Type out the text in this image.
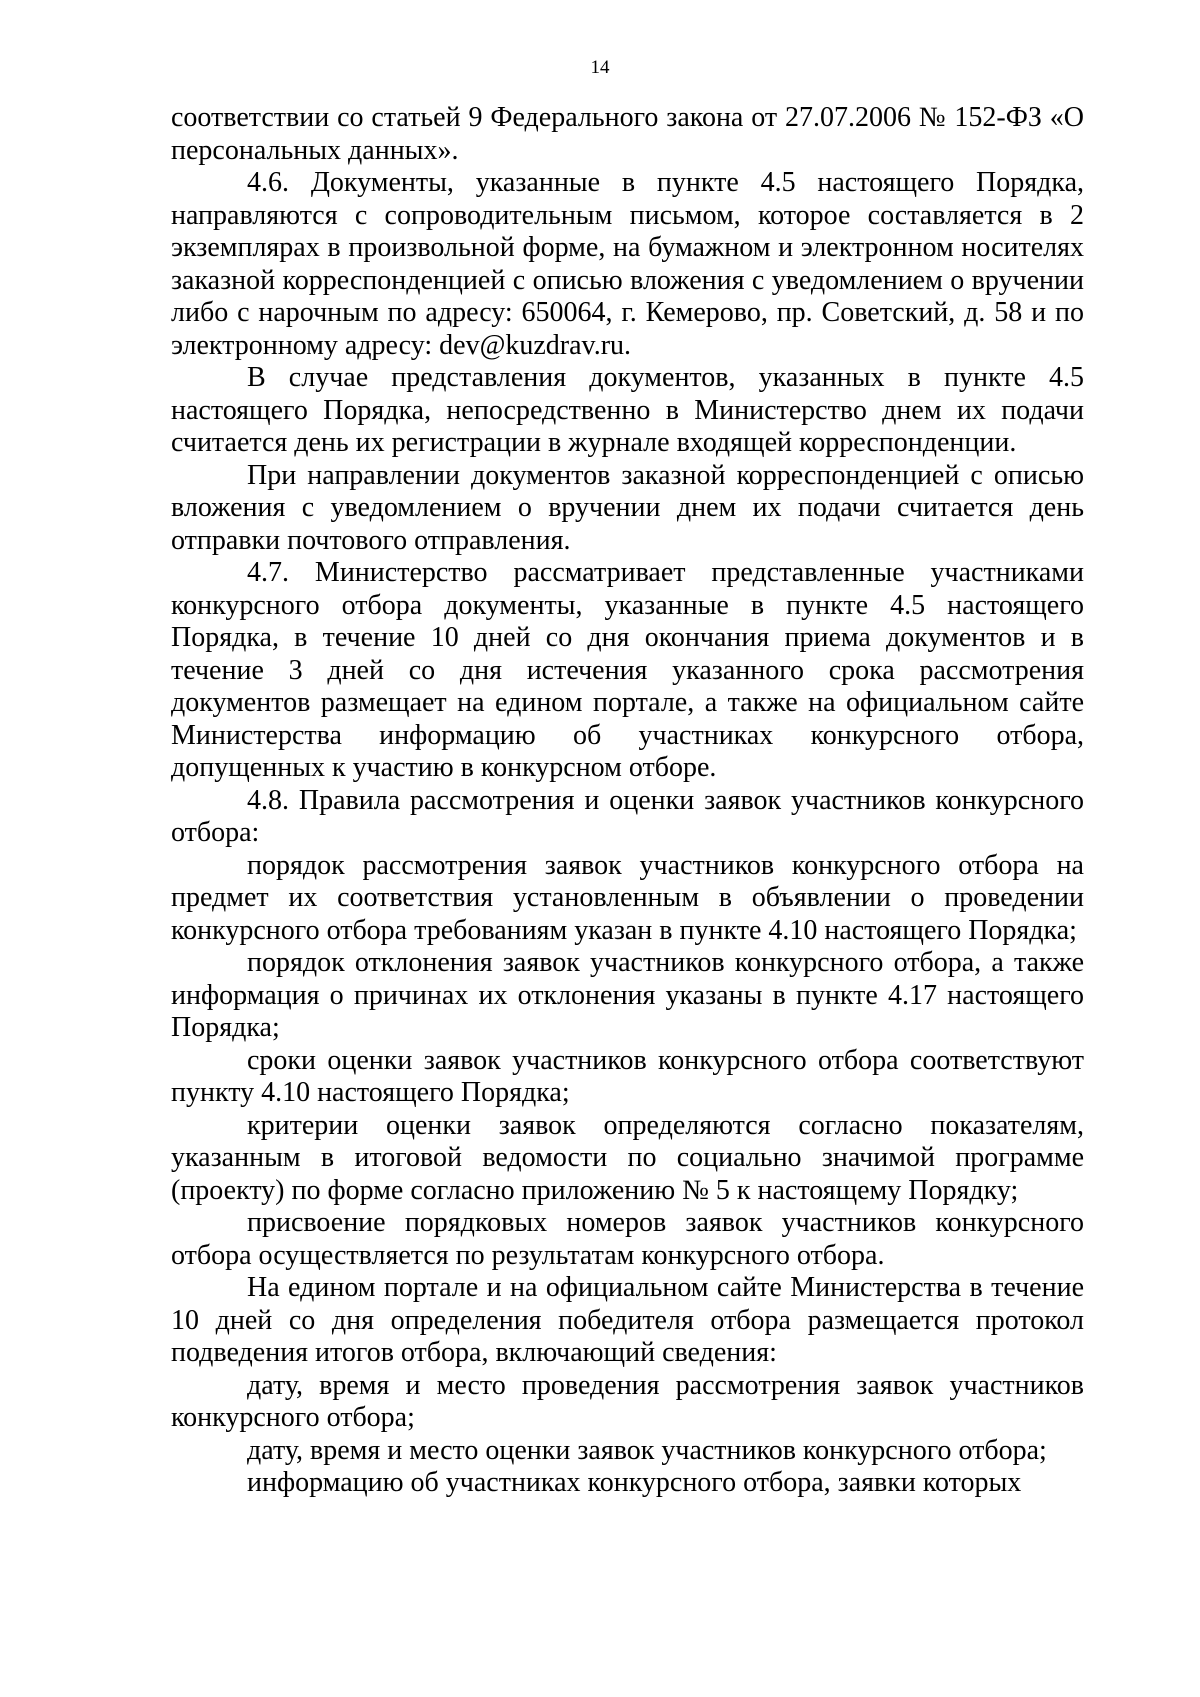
14

соответствии со статьей 9 Федерального закона от 27.07.2006 № 152-ФЗ «О персональных данных».

4.6. Документы, указанные в пункте 4.5 настоящего Порядка, направляются с сопроводительным письмом, которое составляется в 2 экземплярах в произвольной форме, на бумажном и электронном носителях заказной корреспонденцией с описью вложения с уведомлением о вручении либо с нарочным по адресу: 650064, г. Кемерово, пр. Советский, д. 58 и по электронному адресу: dev@kuzdrav.ru.

В случае представления документов, указанных в пункте 4.5 настоящего Порядка, непосредственно в Министерство днем их подачи считается день их регистрации в журнале входящей корреспонденции.

При направлении документов заказной корреспонденцией с описью вложения с уведомлением о вручении днем их подачи считается день отправки почтового отправления.

4.7. Министерство рассматривает представленные участниками конкурсного отбора документы, указанные в пункте 4.5 настоящего Порядка, в течение 10 дней со дня окончания приема документов и в течение 3 дней со дня истечения указанного срока рассмотрения документов размещает на едином портале, а также на официальном сайте Министерства информацию об участниках конкурсного отбора, допущенных к участию в конкурсном отборе.

4.8. Правила рассмотрения и оценки заявок участников конкурсного отбора:

порядок рассмотрения заявок участников конкурсного отбора на предмет их соответствия установленным в объявлении о проведении конкурсного отбора требованиям указан в пункте 4.10 настоящего Порядка;

порядок отклонения заявок участников конкурсного отбора, а также информация о причинах их отклонения указаны в пункте 4.17 настоящего Порядка;

сроки оценки заявок участников конкурсного отбора соответствуют пункту 4.10 настоящего Порядка;

критерии оценки заявок определяются согласно показателям, указанным в итоговой ведомости по социально значимой программе (проекту) по форме согласно приложению № 5 к настоящему Порядку;

присвоение порядковых номеров заявок участников конкурсного отбора осуществляется по результатам конкурсного отбора.

На едином портале и на официальном сайте Министерства в течение 10 дней со дня определения победителя отбора размещается протокол подведения итогов отбора, включающий сведения:

дату, время и место проведения рассмотрения заявок участников конкурсного отбора;

дату, время и место оценки заявок участников конкурсного отбора;

информацию об участниках конкурсного отбора, заявки которых
